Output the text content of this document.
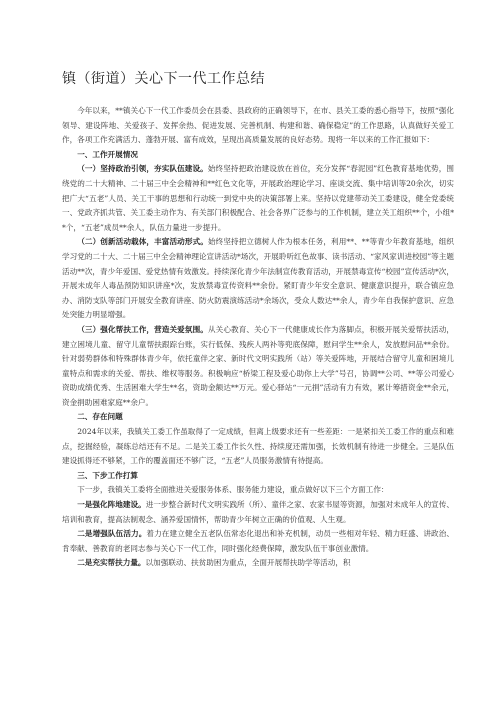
镇（街道）关心下一代工作总结

今年以来，**镇关心下一代工作委员会在县委、县政府的正确领导下，在市、县关工委的悉心指导下，按照“强化领导、建设阵地、关爱孩子、发挥余热、促进发展、完善机制、构建和谐、确保稳定”的工作思路，认真做好关爱工作，各项工作充满活力、蓬勃开展、富有成效，呈现出高质量发展的良好态势。现将一年以来的工作汇报如下：

一、工作开展情况

（一）坚持政治引领，夯实队伍建设。始终坚持把政治建设放在首位，充分发挥“春泥园”红色教育基地优势，围绕党的二十大精神、二十届三中全会精神和**红色文化等，开展政治理论学习、座谈交流、集中培训等20余次，切实把广大“五老”人员、关工干事的思想和行动统一到党中央的决策部署上来。坚持以党建带动关工委建设，健全党委统一、党政齐抓共管、关工委主动作为、有关部门积极配合、社会各界广泛参与的工作机制，建立关工组织**个，小组**个，“五老”成员**余人，队伍力量进一步提升。

（二）创新活动载体，丰富活动形式。始终坚持把立德树人作为根本任务，利用**、**等青少年教育基地，组织学习党的二十大、二十届三中全会精神理论宣讲活动*场次，开展聆听红色故事、读书活动、“家风家训进校园”等主题活动**次，青少年爱国、爱党热情有效激发。持续深化青少年法制宣传教育活动，开展禁毒宣传“校园”宣传活动*次，开展未成年人毒品预防知识讲座*次，发放禁毒宣传资料**余份。紧盯青少年安全意识、健康意识提升，联合镇应急办、消防支队等部门开展安全教育讲座、防火防震演练活动*余场次，受众人数达**余人，青少年自我保护意识、应急处突能力明显增强。

（三）强化帮扶工作，营造关爱氛围。从关心教育、关心下一代健康成长作为落脚点，积极开展关爱帮扶活动，建立困境儿童、留守儿童帮扶跟踪台账，实行低保、残疾人两补等兜底保障，慰问学生**余人，发放慰问品**余份。针对弱势群体和特殊群体青少年，依托童伴之家、新时代文明实践所（站）等关爱阵地，开展结合留守儿童和困境儿童特点和需求的关爱、帮扶、维权等服务。积极响应“桥梁工程及爱心助你上大学”号召，协调**公司、**等公司爱心资助成绩优秀、生活困难大学生**名，资助金额达**万元。爱心驿站“一元捐”活动有力有效，累计筹措资金**余元，资金捐助困难家庭**余户。

二、存在问题

2024年以来，我镇关工委工作虽取得了一定成绩，但离上级要求还有一些差距：一是紧扣关工委工作的重点和难点，挖掘经验，凝练总结还有不足。二是关工委工作长久性、持续度还需加强，长效机制有待进一步健全。三是队伍建设抓得还不够紧，工作的覆盖面还不够广泛，“五老”人员服务激情有待提高。

三、下步工作打算

下一步，我镇关工委将全面推进关爱服务体系、服务能力建设，重点做好以下三个方面工作：

一是强化阵地建设。进一步整合新时代文明实践所（所）、童伴之家、农家书屋等资源，加强对未成年人的宣传、培训和教育，提高法制观念、涵养爱国情怀，帮助青少年树立正确的价值观、人生观。

二是增强队伍活力。着力在建立健全五老队伍常态化退出和补充机制，动员一些相对年轻、精力旺盛、讲政治、肯奉献、善教育的老同志参与关心下一代工作，同时强化经费保障，激发队伍干事创业激情。

二是充实帮扶力量。以加强联动、扶贫助困为重点，全面开展帮扶助学等活动，积
